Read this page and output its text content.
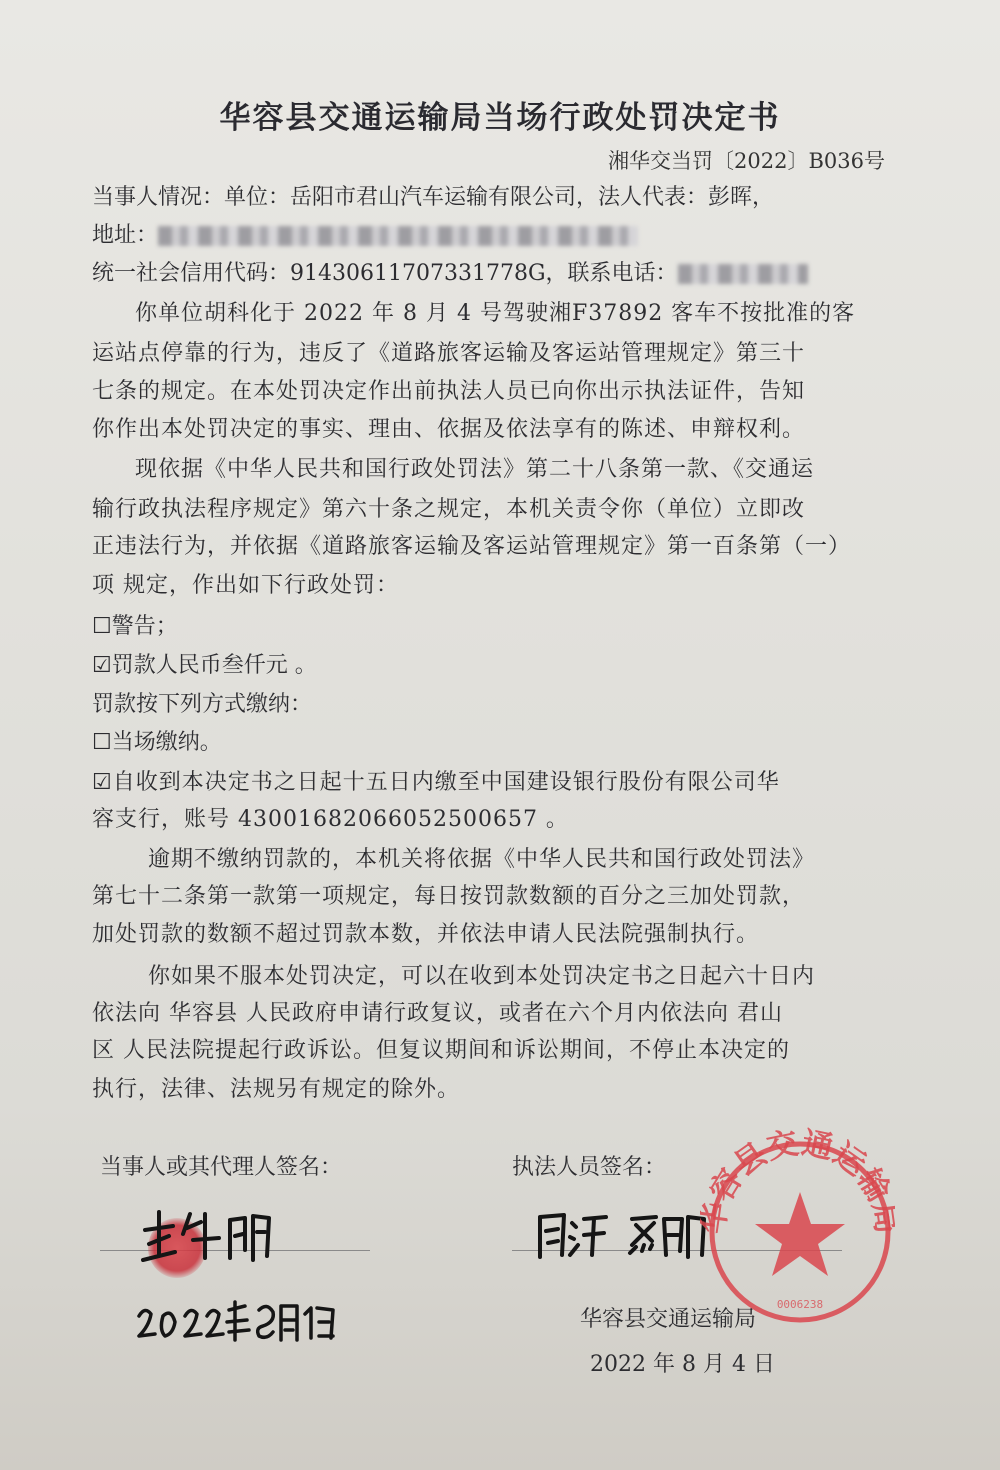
华容县交通运输局当场行政处罚决定书
湘华交当罚〔2022〕B036号
当事人情况：单位：岳阳市君山汽车运输有限公司，法人代表：彭晖，
地址：
统一社会信用代码：91430611707331778G，联系电话：
你单位胡科化于 2022 年 8 月 4 号驾驶湘F37892 客车不按批准的客
运站点停靠的行为，违反了《道路旅客运输及客运站管理规定》第三十
七条的规定。在本处罚决定作出前执法人员已向你出示执法证件，告知
你作出本处罚决定的事实、理由、依据及依法享有的陈述、申辩权利。
现依据《中华人民共和国行政处罚法》第二十八条第一款、《交通运
输行政执法程序规定》第六十条之规定，本机关责令你（单位）立即改
正违法行为，并依据《道路旅客运输及客运站管理规定》第一百条第（一）
项 规定，作出如下行政处罚：
☐警告；
☑罚款人民币叁仟元 。
罚款按下列方式缴纳：
☐当场缴纳。
☑自收到本决定书之日起十五日内缴至中国建设银行股份有限公司华
容支行，账号 43001682066052500657 。
逾期不缴纳罚款的，本机关将依据《中华人民共和国行政处罚法》
第七十二条第一款第一项规定，每日按罚款数额的百分之三加处罚款，
加处罚款的数额不超过罚款本数，并依法申请人民法院强制执行。
你如果不服本处罚决定，可以在收到本处罚决定书之日起六十日内
依法向 华容县 人民政府申请行政复议，或者在六个月内依法向 君山
区 人民法院提起行政诉讼。但复议期间和诉讼期间，不停止本决定的
执行，法律、法规另有规定的除外。
当事人或其代理人签名：	执法人员签名： 容县交通运输
0006238
华容县交通运输局
2022 年 8 月 4 日
